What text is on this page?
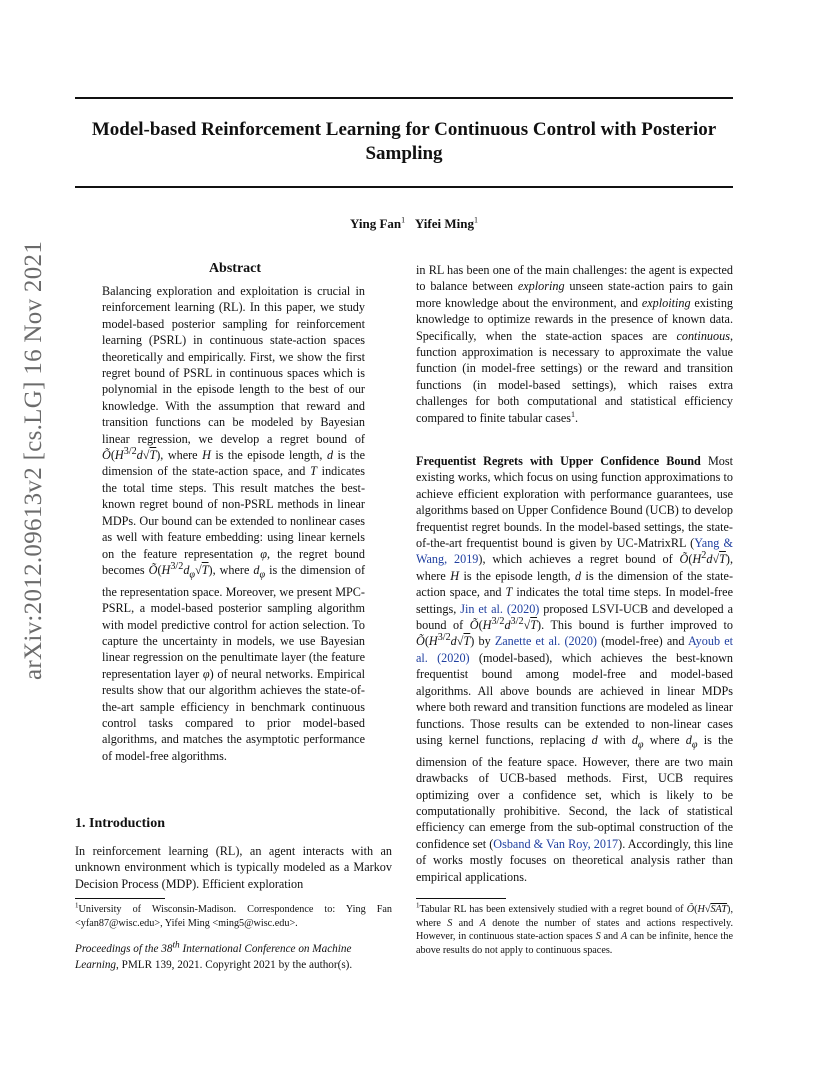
Model-based Reinforcement Learning for Continuous Control with Posterior
Sampling
Ying Fan$^1$ Yifei Ming$^1$
arXiv:2012.09613v2 [cs.LG] 16 Nov 2021	Abstract
Balancing exploration and exploitation is crucial in reinforcement learning (RL). In this paper, we study model-based posterior sampling for reinforcement learning (PSRL) in continuous state-action spaces theoretically and empirically. First, we show the first regret bound of PSRL in continuous spaces which is polynomial in the episode length to the best of our knowledge. With the assumption that reward and transition functions can be modeled by Bayesian linear regression, we develop a regret bound of $Õ(H^{3/2}d√T)$, where H is the episode length, d is the dimension of the state-action space, and T indicates the total time steps. This result matches the best-known regret bound of non-PSRL methods in linear MDPs. Our bound can be extended to nonlinear cases as well with feature embedding: using linear kernels on the feature representation φ, the regret bound becomes $Õ(H^{3/2}d_\varphi√T)$, where $d_\varphi$ is the dimension of the representation space. Moreover, we present MPC-PSRL, a model-based posterior sampling algorithm with model predictive control for action selection. To capture the uncertainty in models, we use Bayesian linear regression on the penultimate layer (the feature representation layer φ) of neural networks. Empirical results show that our algorithm achieves the state-of-the-art sample efficiency in benchmark continuous control tasks compared to prior model-based algorithms, and matches the asymptotic performance of model-free algorithms.
1. Introduction
In reinforcement learning (RL), an agent interacts with an unknown environment which is typically modeled as a Markov Decision Process (MDP). Efficient exploration
$^1$University of Wisconsin-Madison. Correspondence to: Ying Fan <yfan87@wisc.edu>, Yifei Ming <ming5@wisc.edu>.
Proceedings of the 38th International Conference on Machine Learning, PMLR 139, 2021. Copyright 2021 by the author(s).
in RL has been one of the main challenges: the agent is expected to balance between exploring unseen state-action pairs to gain more knowledge about the environment, and exploiting existing knowledge to optimize rewards in the presence of known data. Specifically, when the state-action spaces are continuous, function approximation is necessary to approximate the value function (in model-free settings) or the reward and transition functions (in model-based settings), which raises extra challenges for both computational and statistical efficiency compared to finite tabular cases$^1$.
Frequentist Regrets with Upper Confidence Bound Most existing works, which focus on using function approximations to achieve efficient exploration with performance guarantees, use algorithms based on Upper Confidence Bound (UCB) to develop frequentist regret bounds. In the model-based settings, the state-of-the-art frequentist bound is given by UC-MatrixRL (Yang & Wang, 2019), which achieves a regret bound of $Õ(H^2d√T)$, where H is the episode length, d is the dimension of the state-action space, and T indicates the total time steps. In model-free settings, Jin et al. (2020) proposed LSVI-UCB and developed a bound of $Õ(H^{3/2}d^{3/2}√T)$. This bound is further improved to $Õ(H^{3/2}d√T)$ by Zanette et al. (2020) (model-free) and Ayoub et al. (2020) (model-based), which achieves the best-known frequentist bound among model-free and model-based algorithms. All above bounds are achieved in linear MDPs where both reward and transition functions are modeled as linear functions. Those results can be extended to non-linear cases using kernel functions, replacing d with $d_\varphi$ where $d_\varphi$ is the dimension of the feature space. However, there are two main drawbacks of UCB-based methods. First, UCB requires optimizing over a confidence set, which is likely to be computationally prohibitive. Second, the lack of statistical efficiency can emerge from the sub-optimal construction of the confidence set (Osband & Van Roy, 2017). Accordingly, this line of works mostly focuses on theoretical analysis rather than empirical applications.
$^1$Tabular RL has been extensively studied with a regret bound of Õ(H√SAT), where S and A denote the number of states and actions respectively. However, in continuous state-action spaces S and A can be infinite, hence the above results do not apply to continuous spaces.
